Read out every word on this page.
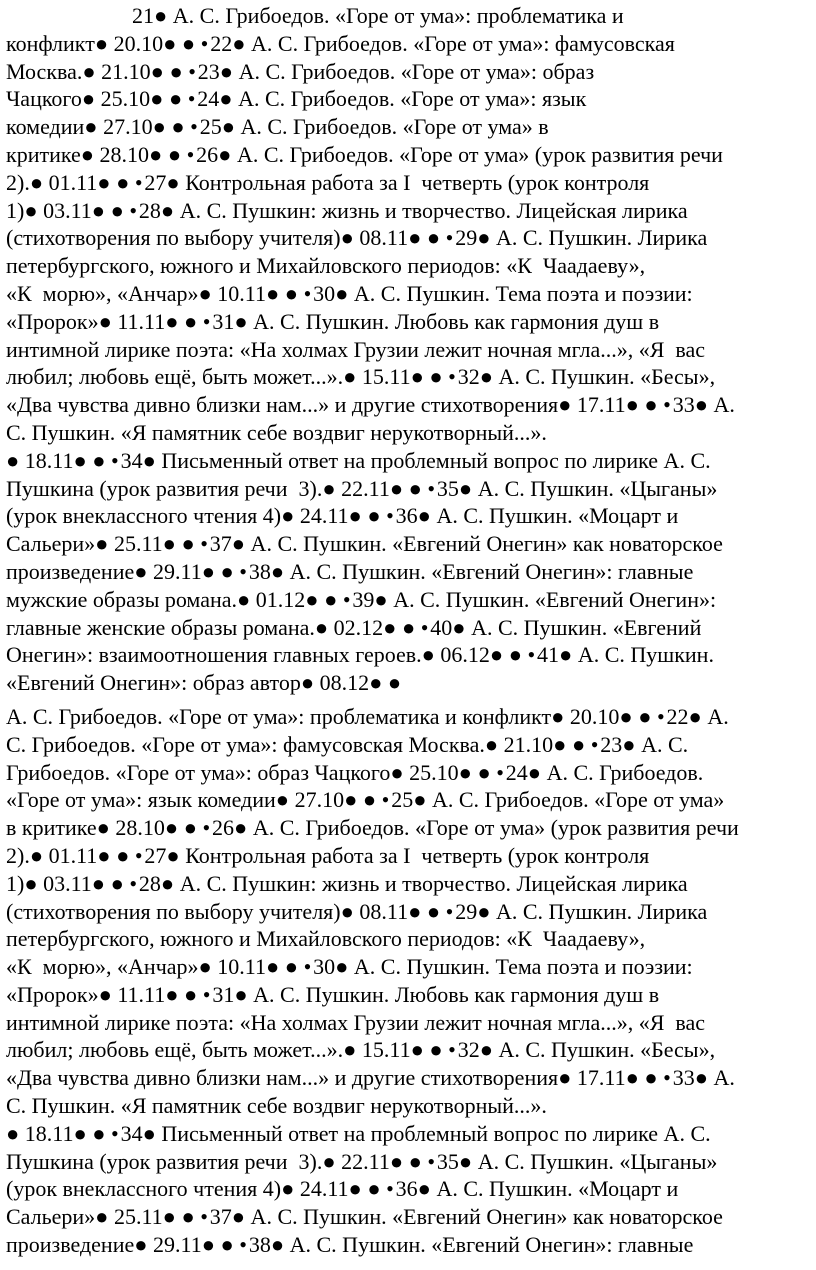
21● А. С. Грибоедов. «Горе от ума»: проблематика и
конфликт● 20.10● ● • 22● А. С. Грибоедов. «Горе от ума»: фамусовская
Москва.● 21.10● ● • 23● А. С. Грибоедов. «Горе от ума»: образ
Чацкого● 25.10● ● • 24● А. С. Грибоедов. «Горе от ума»: язык
комедии● 27.10● ● • 25● А. С. Грибоедов. «Горе от ума» в
критике● 28.10● ● • 26● А. С. Грибоедов. «Горе от ума» (урок развития речи
2).● 01.11● ● • 27● Контрольная работа за I  четверть (урок контроля
1)● 03.11● ● • 28● А. С. Пушкин: жизнь и творчество. Лицейская лирика
(стихотворения по выбору учителя)● 08.11● ● • 29● А. С. Пушкин. Лирика
петербургского, южного и Михайловского периодов: «К  Чаадаеву»,
«К  морю», «Анчар»● 10.11● ● • 30● А. С. Пушкин. Тема поэта и поэзии:
«Пророк»● 11.11● ● • 31● А. С. Пушкин. Любовь как гармония душ в
интимной лирике поэта: «На холмах Грузии лежит ночная мгла...», «Я  вас
любил; любовь ещё, быть может...».● 15.11● ● • 32● А. С. Пушкин. «Бесы»,
«Два чувства дивно близки нам...» и другие стихотворения● 17.11● ● • 33● А.
С. Пушкин. «Я памятник себе воздвиг нерукотворный...».
● 18.11● ● • 34● Письменный ответ на проблемный вопрос по лирике А. С.
Пушкина (урок развития речи  3).● 22.11● ● • 35● А. С. Пушкин. «Цыганы»
(урок внеклассного чтения 4)● 24.11● ● • 36● А. С. Пушкин. «Моцарт и
Сальери»● 25.11● ● • 37● А. С. Пушкин. «Евгений Онегин» как новаторское
произведение● 29.11● ● • 38● А. С. Пушкин. «Евгений Онегин»: главные
мужские образы романа.● 01.12● ● • 39● А. С. Пушкин. «Евгений Онегин»:
главные женские образы романа.● 02.12● ● • 40● А. С. Пушкин. «Евгений
Онегин»: взаимоотношения главных героев.● 06.12● ● • 41● А. С. Пушкин.
«Евгений Онегин»: образ автор● 08.12● ●
А. С. Грибоедов. «Горе от ума»: проблематика и конфликт● 20.10● ● • 22● А.
С. Грибоедов. «Горе от ума»: фамусовская Москва.● 21.10● ● • 23● А. С.
Грибоедов. «Горе от ума»: образ Чацкого● 25.10● ● • 24● А. С. Грибоедов.
«Горе от ума»: язык комедии● 27.10● ● • 25● А. С. Грибоедов. «Горе от ума»
в критике● 28.10● ● • 26● А. С. Грибоедов. «Горе от ума» (урок развития речи
2).● 01.11● ● • 27● Контрольная работа за I  четверть (урок контроля
1)● 03.11● ● • 28● А. С. Пушкин: жизнь и творчество. Лицейская лирика
(стихотворения по выбору учителя)● 08.11● ● • 29● А. С. Пушкин. Лирика
петербургского, южного и Михайловского периодов: «К  Чаадаеву»,
«К  морю», «Анчар»● 10.11● ● • 30● А. С. Пушкин. Тема поэта и поэзии:
«Пророк»● 11.11● ● • 31● А. С. Пушкин. Любовь как гармония душ в
интимной лирике поэта: «На холмах Грузии лежит ночная мгла...», «Я  вас
любил; любовь ещё, быть может...».● 15.11● ● • 32● А. С. Пушкин. «Бесы»,
«Два чувства дивно близки нам...» и другие стихотворения● 17.11● ● • 33● А.
С. Пушкин. «Я памятник себе воздвиг нерукотворный...».
● 18.11● ● • 34● Письменный ответ на проблемный вопрос по лирике А. С.
Пушкина (урок развития речи  3).● 22.11● ● • 35● А. С. Пушкин. «Цыганы»
(урок внеклассного чтения 4)● 24.11● ● • 36● А. С. Пушкин. «Моцарт и
Сальери»● 25.11● ● • 37● А. С. Пушкин. «Евгений Онегин» как новаторское
произведение● 29.11● ● • 38● А. С. Пушкин. «Евгений Онегин»: главные
